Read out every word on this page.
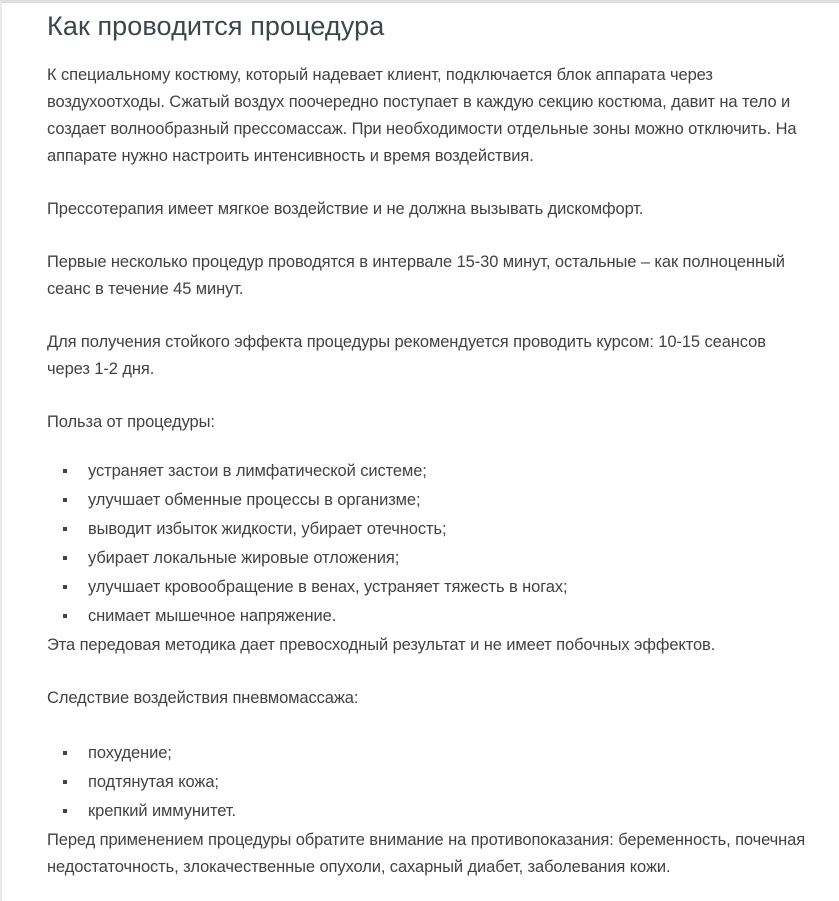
Как проводится процедура

К специальному костюму, который надевает клиент, подключается блок аппарата через воздухоотходы. Сжатый воздух поочередно поступает в каждую секцию костюма, давит на тело и создает волнообразный прессомассаж. При необходимости отдельные зоны можно отключить. На аппарате нужно настроить интенсивность и время воздействия.

Прессотерапия имеет мягкое воздействие и не должна вызывать дискомфорт.

Первые несколько процедур проводятся в интервале 15-30 минут, остальные – как полноценный сеанс в течение 45 минут.

Для получения стойкого эффекта процедуры рекомендуется проводить курсом: 10-15 сеансов через 1-2 дня.

Польза от процедуры:

устраняет застои в лимфатической системе;
улучшает обменные процессы в организме;
выводит избыток жидкости, убирает отечность;
убирает локальные жировые отложения;
улучшает кровообращение в венах, устраняет тяжесть в ногах;
снимает мышечное напряжение.

Эта передовая методика дает превосходный результат и не имеет побочных эффектов.

Следствие воздействия пневмомассажа:

похудение;
подтянутая кожа;
крепкий иммунитет.

Перед применением процедуры обратите внимание на противопоказания: беременность, почечная недостаточность, злокачественные опухоли, сахарный диабет, заболевания кожи.
